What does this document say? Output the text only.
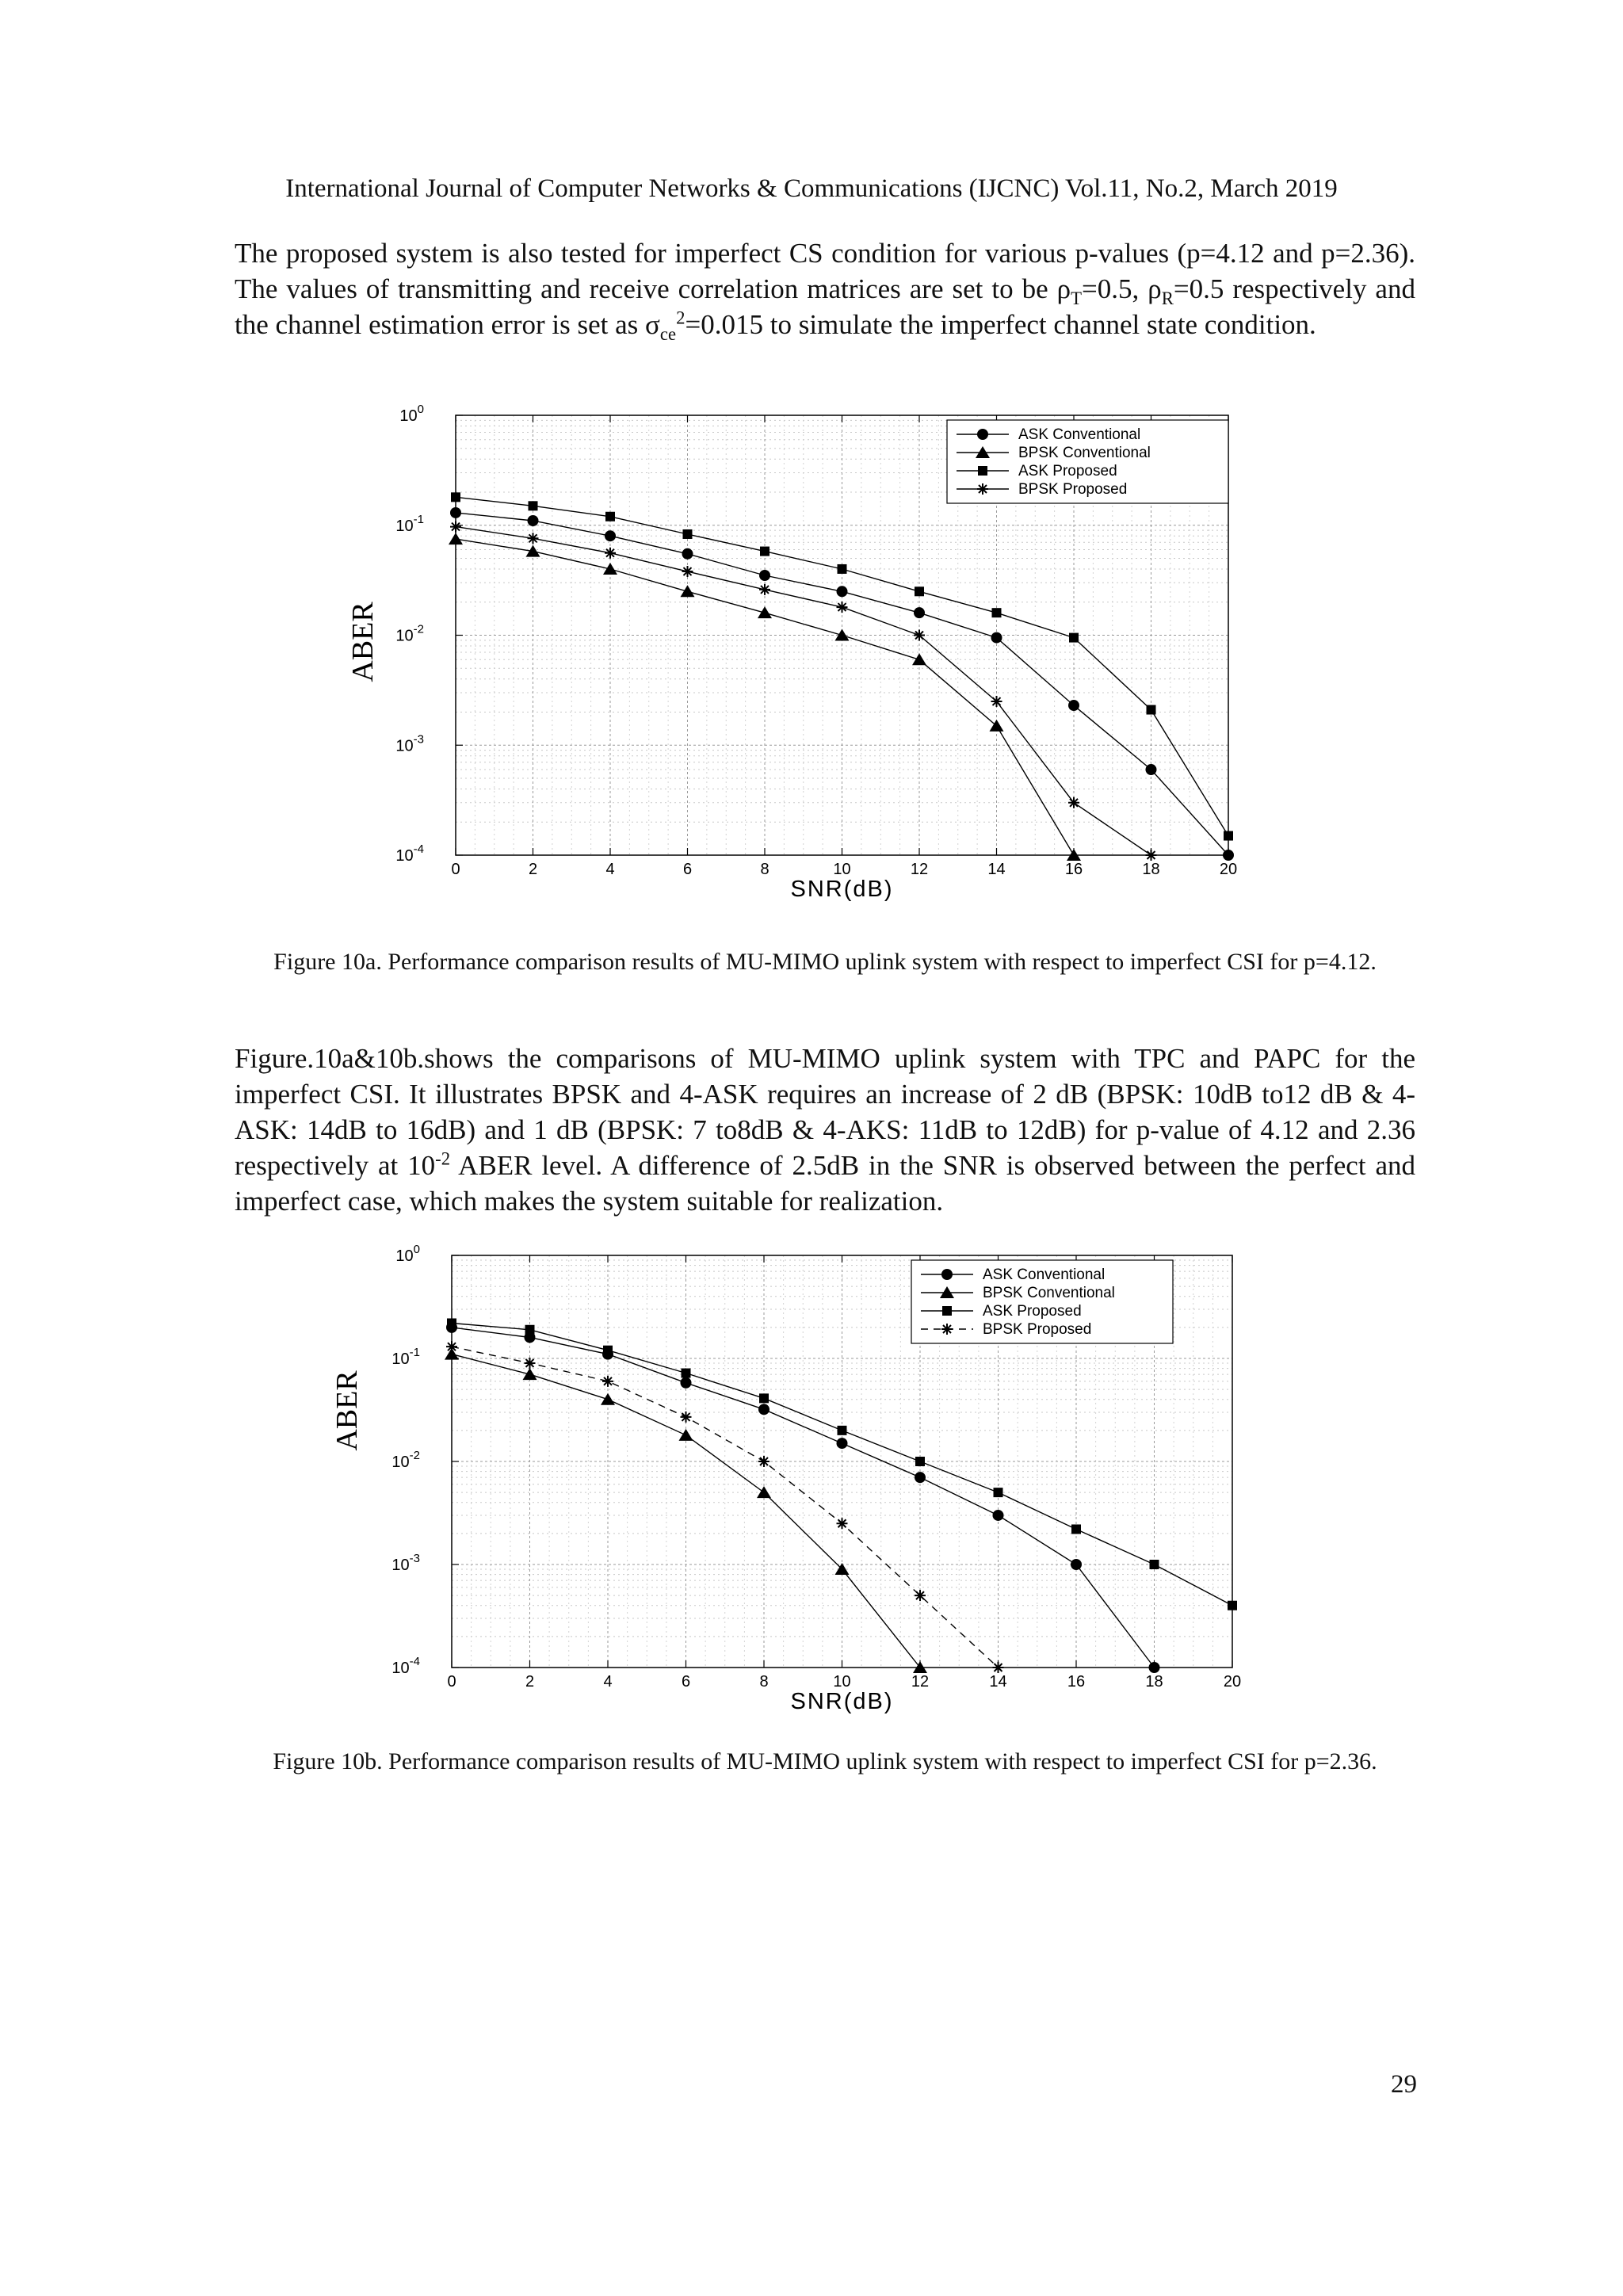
International Journal of Computer Networks & Communications (IJCNC) Vol.11, No.2, March 2019
The proposed system is also tested for imperfect CS condition for various p-values (p=4.12 and p=2.36). The values of transmitting and receive correlation matrices are set to be $\rho_T=0.5$, $\rho_R=0.5$ respectively and the channel estimation error is set as $\sigma_{ce}^2=0.015$ to simulate the imperfect channel state condition.
0	2	4	6	8	10	12	14	16	18	20
$10^0$
$10^{-1}$
$10^{-2}$
$10^{-3}$
$10^{-4}$
SNR(dB)
ABER
ASK Conventional
BPSK Conventional
ASK Proposed
BPSK Proposed
Figure 10a. Performance comparison results of MU-MIMO uplink system with respect to imperfect CSI for p=4.12.
Figure.10a&10b.shows the comparisons of MU-MIMO uplink system with TPC and PAPC for the imperfect CSI. It illustrates BPSK and 4-ASK requires an increase of 2 dB (BPSK: 10dB to12 dB & 4-ASK: 14dB to 16dB) and 1 dB (BPSK: 7 to8dB & 4-AKS: 11dB to 12dB) for p-value of 4.12 and 2.36 respectively at $10^{-2}$ ABER level. A difference of 2.5dB in the SNR is observed between the perfect and imperfect case, which makes the system suitable for realization.
0	2	4	6	8	10	12	14	16	18	20
$10^0$
$10^{-1}$
$10^{-2}$
$10^{-3}$
$10^{-4}$
SNR(dB)
ABER
ASK Conventional
BPSK Conventional
ASK Proposed
BPSK Proposed
Figure 10b. Performance comparison results of MU-MIMO uplink system with respect to imperfect CSI for p=2.36.
29
